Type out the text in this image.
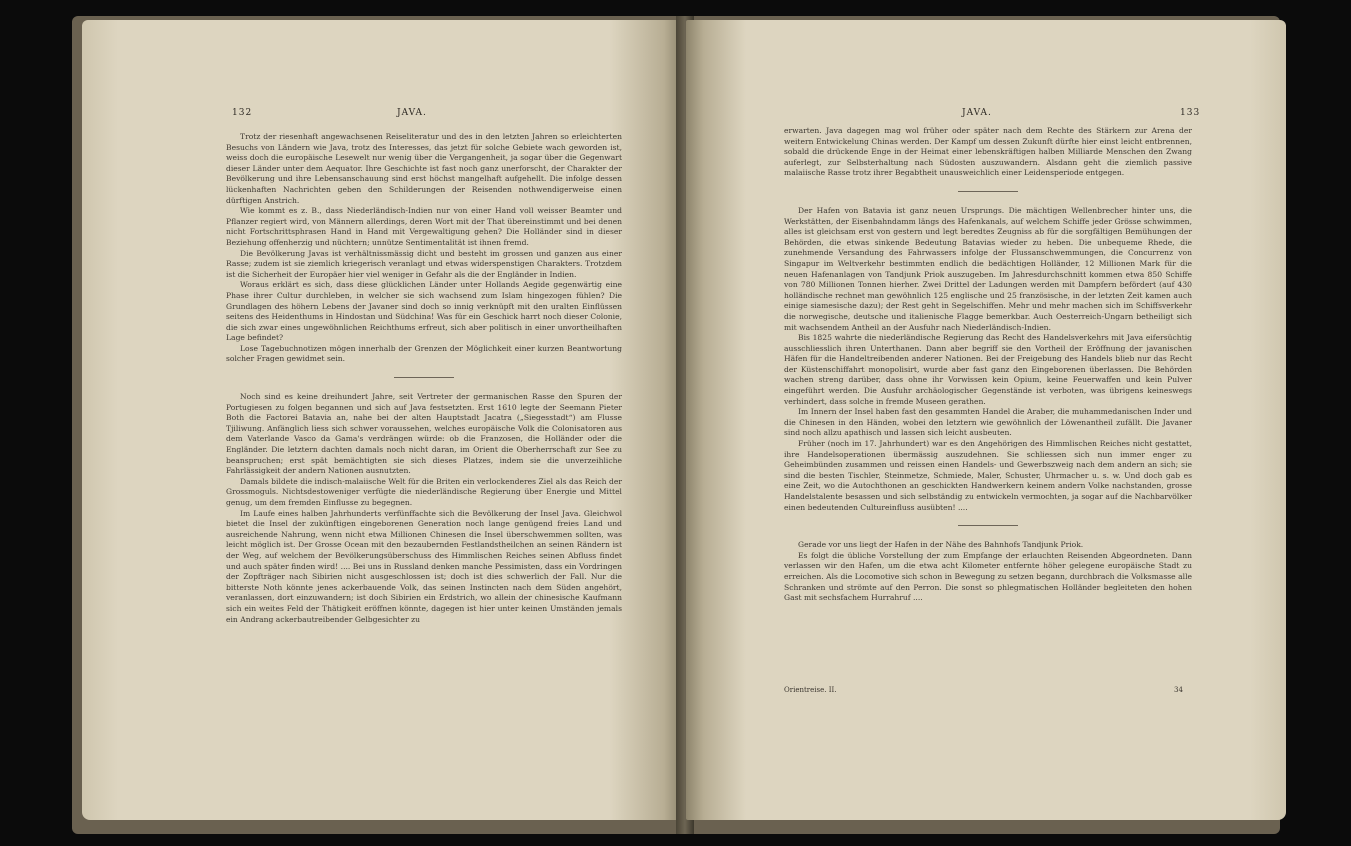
132	JAVA.

Trotz der riesenhaft angewachsenen Reiseliteratur und des in den letzten Jahren so erleichterten Besuchs von Ländern wie Java, trotz des Interesses, das jetzt für solche Gebiete wach geworden ist, weiss doch die europäische Lesewelt nur wenig über die Vergangenheit, ja sogar über die Gegenwart dieser Länder unter dem Aequator. Ihre Geschichte ist fast noch ganz unerforscht, der Charakter der Bevölkerung und ihre Lebensanschauung sind erst höchst mangelhaft aufgehellt. Die infolge dessen lückenhaften Nachrichten geben den Schilderungen der Reisenden nothwendigerweise einen dürftigen Anstrich.

Wie kommt es z. B., dass Niederländisch-Indien nur von einer Hand voll weisser Beamter und Pflanzer regiert wird, von Männern allerdings, deren Wort mit der That übereinstimmt und bei denen nicht Fortschrittsphrasen Hand in Hand mit Vergewaltigung gehen? Die Holländer sind in dieser Beziehung offenherzig und nüchtern; unnütze Sentimentalität ist ihnen fremd.

Die Bevölkerung Javas ist verhältnissmässig dicht und besteht im grossen und ganzen aus einer Rasse; zudem ist sie ziemlich kriegerisch veranlagt und etwas widerspenstigen Charakters. Trotzdem ist die Sicherheit der Europäer hier viel weniger in Gefahr als die der Engländer in Indien.

Woraus erklärt es sich, dass diese glücklichen Länder unter Hollands Aegide gegenwärtig eine Phase ihrer Cultur durchleben, in welcher sie sich wachsend zum Islam hingezogen fühlen? Die Grundlagen des höhern Lebens der Javaner sind doch so innig verknüpft mit den uralten Einflüssen seitens des Heidenthums in Hindostan und Südchina! Was für ein Geschick harrt noch dieser Colonie, die sich zwar eines ungewöhnlichen Reichthums erfreut, sich aber politisch in einer unvortheilhaften Lage befindet?

Lose Tagebuchnotizen mögen innerhalb der Grenzen der Möglichkeit einer kurzen Beantwortung solcher Fragen gewidmet sein.

Noch sind es keine dreihundert Jahre, seit Vertreter der germanischen Rasse den Spuren der Portugiesen zu folgen begannen und sich auf Java festsetzten. Erst 1610 legte der Seemann Pieter Both die Factorei Batavia an, nahe bei der alten Hauptstadt Jacatra („Siegesstadt“) am Flusse Tjiliwung. Anfänglich liess sich schwer voraussehen, welches europäische Volk die Colonisatoren aus dem Vaterlande Vasco da Gama's verdrängen würde: ob die Franzosen, die Holländer oder die Engländer. Die letztern dachten damals noch nicht daran, im Orient die Oberherrschaft zur See zu beanspruchen; erst spät bemächtigten sie sich dieses Platzes, indem sie die unverzeihliche Fahrlässigkeit der andern Nationen ausnutzten.

Damals bildete die indisch-malaiische Welt für die Briten ein verlockenderes Ziel als das Reich der Grossmoguls. Nichtsdestoweniger verfügte die niederländische Regierung über Energie und Mittel genug, um dem fremden Einflusse zu begegnen.

Im Laufe eines halben Jahrhunderts verfünffachte sich die Bevölkerung der Insel Java. Gleichwol bietet die Insel der zukünftigen eingeborenen Generation noch lange genügend freies Land und ausreichende Nahrung, wenn nicht etwa Millionen Chinesen die Insel überschwemmen sollten, was leicht möglich ist. Der Grosse Ocean mit den bezaubernden Festlandstheilchen an seinen Rändern ist der Weg, auf welchem der Bevölkerungsüberschuss des Himmlischen Reiches seinen Abfluss findet und auch später finden wird! .... Bei uns in Russland denken manche Pessimisten, dass ein Vordringen der Zopfträger nach Sibirien nicht ausgeschlossen ist; doch ist dies schwerlich der Fall. Nur die bitterste Noth könnte jenes ackerbauende Volk, das seinen Instincten nach dem Süden angehört, veranlassen, dort einzuwandern; ist doch Sibirien ein Erdstrich, wo allein der chinesische Kaufmann sich ein weites Feld der Thätigkeit eröffnen könnte, dagegen ist hier unter keinen Umständen jemals ein Andrang ackerbautreibender Gelbgesichter zu

JAVA.	133

erwarten. Java dagegen mag wol früher oder später nach dem Rechte des Stärkern zur Arena der weitern Entwickelung Chinas werden. Der Kampf um dessen Zukunft dürfte hier einst leicht entbrennen, sobald die drückende Enge in der Heimat einer lebenskräftigen halben Milliarde Menschen den Zwang auferlegt, zur Selbsterhaltung nach Südosten auszuwandern. Alsdann geht die ziemlich passive malaiische Rasse trotz ihrer Begabtheit unausweichlich einer Leidensperiode entgegen.

Der Hafen von Batavia ist ganz neuen Ursprungs. Die mächtigen Wellenbrecher hinter uns, die Werkstätten, der Eisenbahndamm längs des Hafenkanals, auf welchem Schiffe jeder Grösse schwimmen, alles ist gleichsam erst von gestern und legt beredtes Zeugniss ab für die sorgfältigen Bemühungen der Behörden, die etwas sinkende Bedeutung Batavias wieder zu heben. Die unbequeme Rhede, die zunehmende Versandung des Fahrwassers infolge der Flussanschwemmungen, die Concurrenz von Singapur im Weltverkehr bestimmten endlich die bedächtigen Holländer, 12 Millionen Mark für die neuen Hafenanlagen von Tandjunk Priok auszugeben. Im Jahresdurchschnitt kommen etwa 850 Schiffe von 780 Millionen Tonnen hierher. Zwei Drittel der Ladungen werden mit Dampfern befördert (auf 430 holländische rechnet man gewöhnlich 125 englische und 25 französische, in der letzten Zeit kamen auch einige siamesische dazu); der Rest geht in Segelschiffen. Mehr und mehr machen sich im Schiffsverkehr die norwegische, deutsche und italienische Flagge bemerkbar. Auch Oesterreich-Ungarn betheiligt sich mit wachsendem Antheil an der Ausfuhr nach Niederländisch-Indien.

Bis 1825 wahrte die niederländische Regierung das Recht des Handelsverkehrs mit Java eifersüchtig ausschliesslich ihren Unterthanen. Dann aber begriff sie den Vortheil der Eröffnung der javanischen Häfen für die Handeltreibenden anderer Nationen. Bei der Freigebung des Handels blieb nur das Recht der Küstenschiffahrt monopolisirt, wurde aber fast ganz den Eingeborenen überlassen. Die Behörden wachen streng darüber, dass ohne ihr Vorwissen kein Opium, keine Feuerwaffen und kein Pulver eingeführt werden. Die Ausfuhr archäologischer Gegenstände ist verboten, was übrigens keineswegs verhindert, dass solche in fremde Museen gerathen.

Im Innern der Insel haben fast den gesammten Handel die Araber, die muhammedanischen Inder und die Chinesen in den Händen, wobei den letztern wie gewöhnlich der Löwenantheil zufällt. Die Javaner sind noch allzu apathisch und lassen sich leicht ausbeuten.

Früher (noch im 17. Jahrhundert) war es den Angehörigen des Himmlischen Reiches nicht gestattet, ihre Handelsoperationen übermässig auszudehnen. Sie schliessen sich nun immer enger zu Geheimbünden zusammen und reissen einen Handels- und Gewerbszweig nach dem andern an sich; sie sind die besten Tischler, Steinmetze, Schmiede, Maler, Schuster, Uhrmacher u. s. w. Und doch gab es eine Zeit, wo die Autochthonen an geschickten Handwerkern keinem andern Volke nachstanden, grosse Handelstalente besassen und sich selbständig zu entwickeln vermochten, ja sogar auf die Nachbarvölker einen bedeutenden Cultureinfluss ausübten! ....

Gerade vor uns liegt der Hafen in der Nähe des Bahnhofs Tandjunk Priok.

Es folgt die übliche Vorstellung der zum Empfange der erlauchten Reisenden Abgeordneten. Dann verlassen wir den Hafen, um die etwa acht Kilometer entfernte höher gelegene europäische Stadt zu erreichen. Als die Locomotive sich schon in Bewegung zu setzen begann, durchbrach die Volksmasse alle Schranken und strömte auf den Perron. Die sonst so phlegmatischen Holländer begleiteten den hohen Gast mit sechsfachem Hurrahruf ....

Orientreise. II.	34
